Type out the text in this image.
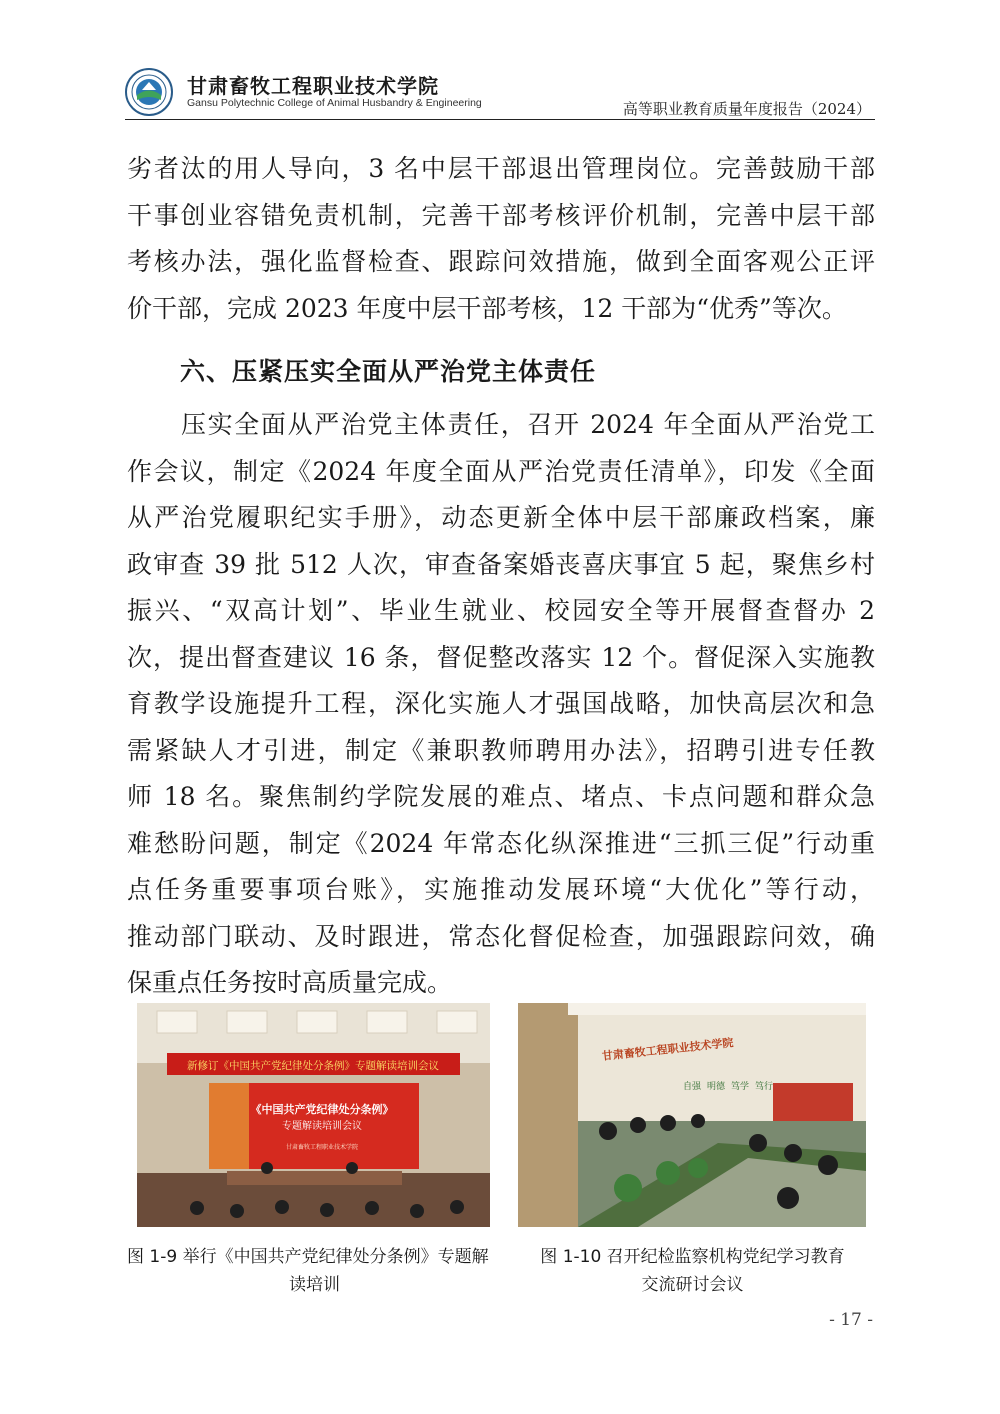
甘肃畜牧工程职业技术学院
Gansu Polytechnic College of Animal Husbandry & Engineering	高等职业教育质量年度报告（2024）

劣者汰的用人导向，3 名中层干部退出管理岗位。完善鼓励干部

干事创业容错免责机制，完善干部考核评价机制，完善中层干部

考核办法，强化监督检查、跟踪问效措施，做到全面客观公正评

价干部，完成 2023 年度中层干部考核，12 干部为“优秀”等次。

六、压紧压实全面从严治党主体责任

压实全面从严治党主体责任，召开 2024 年全面从严治党工

作会议，制定《2024 年度全面从严治党责任清单》，印发《全面

从严治党履职纪实手册》，动态更新全体中层干部廉政档案，廉

政审查 39 批 512 人次，审查备案婚丧喜庆事宜 5 起，聚焦乡村

振兴、“双高计划”、毕业生就业、校园安全等开展督查督办 2

次，提出督查建议 16 条，督促整改落实 12 个。督促深入实施教

育教学设施提升工程，深化实施人才强国战略，加快高层次和急

需紧缺人才引进，制定《兼职教师聘用办法》，招聘引进专任教

师 18 名。聚焦制约学院发展的难点、堵点、卡点问题和群众急

难愁盼问题，制定《2024 年常态化纵深推进“三抓三促”行动重

点任务重要事项台账》，实施推动发展环境“大优化”等行动，

推动部门联动、及时跟进，常态化督促检查，加强跟踪问效，确

保重点任务按时高质量完成。

新修订《中国共产党纪律处分条例》专题解读培训会议
《中国共产党纪律处分条例》
专题解读培训会议
甘肃畜牧工程职业技术学院
甘肃畜牧工程职业技术学院
自强 明德 笃学 笃行

图 1-9 举行《中国共产党纪律处分条例》专题解

读培训

图 1-10 召开纪检监察机构党纪学习教育

交流研讨会议

- 17 -
